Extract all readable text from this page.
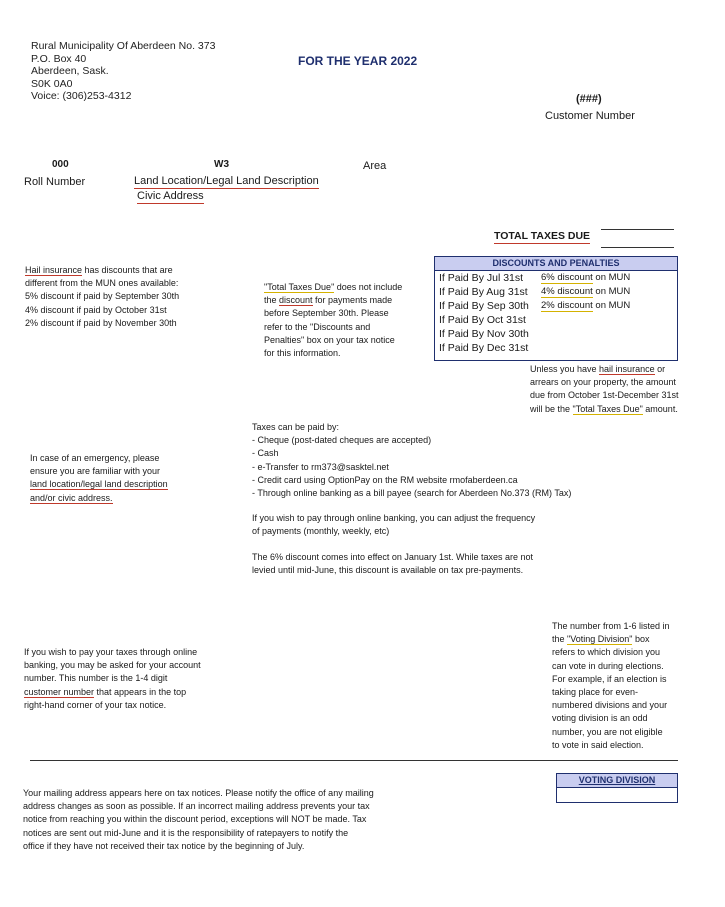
Rural Municipality Of Aberdeen No. 373
P.O. Box 40
Aberdeen, Sask.
S0K 0A0
Voice: (306)253-4312
FOR THE YEAR 2022
(###)
Customer Number
000
Roll Number
W3
Land Location/Legal Land Description
Civic Address
Area
TOTAL TAXES DUE
Hail insurance has discounts that are
different from the MUN ones available:
5% discount if paid by September 30th
4% discount if paid by October 31st
2% discount if paid by November 30th
"Total Taxes Due" does not include
the discount for payments made
before September 30th. Please
refer to the "Discounts and
Penalties" box on your tax notice
for this information.
DISCOUNTS AND PENALTIES
If Paid By Jul 31st 6% discount on MUN
If Paid By Aug 31st 4% discount on MUN
If Paid By Sep 30th 2% discount on MUN
If Paid By Oct 31st
If Paid By Nov 30th
If Paid By Dec 31st
Unless you have hail insurance or
arrears on your property, the amount
due from October 1st-December 31st
will be the "Total Taxes Due" amount.
Taxes can be paid by:
- Cheque (post-dated cheques are accepted)
- Cash
- e-Transfer to rm373@sasktel.net
- Credit card using OptionPay on the RM website rmofaberdeen.ca
- Through online banking as a bill payee (search for Aberdeen No.373 (RM) Tax)
If you wish to pay through online banking, you can adjust the frequency
of payments (monthly, weekly, etc)
The 6% discount comes into effect on January 1st. While taxes are not
levied until mid-June, this discount is available on tax pre-payments.
In case of an emergency, please
ensure you are familiar with your
land location/legal land description
and/or civic address.
If you wish to pay your taxes through online
banking, you may be asked for your account
number. This number is the 1-4 digit
customer number that appears in the top
right-hand corner of your tax notice.
The number from 1-6 listed in
the "Voting Division" box
refers to which division you
can vote in during elections.
For example, if an election is
taking place for even-
numbered divisions and your
voting division is an odd
number, you are not eligible
to vote in said election.
VOTING DIVISION
Your mailing address appears here on tax notices. Please notify the office of any mailing
address changes as soon as possible. If an incorrect mailing address prevents your tax
notice from reaching you within the discount period, exceptions will NOT be made. Tax
notices are sent out mid-June and it is the responsibility of ratepayers to notify the
office if they have not received their tax notice by the beginning of July.
